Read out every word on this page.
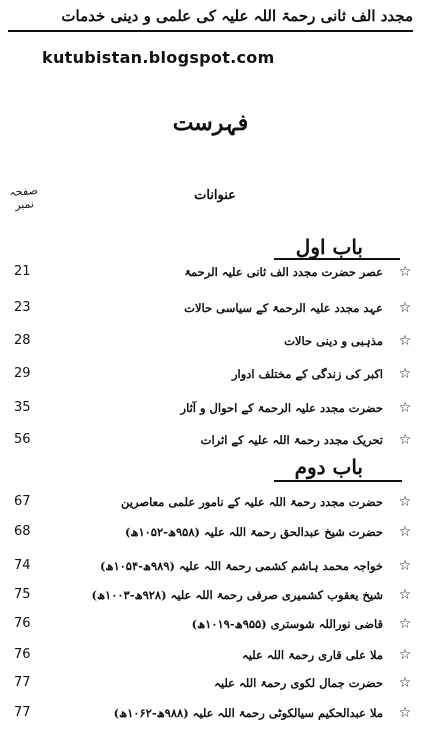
مجدد الف ثانی رحمۃ اللہ علیہ کی علمی و دینی خدمات
kutubistan.blogspot.com
فہرست
عنوانات
صفحہ نمبر
باب اول
☆
عصر حضرت مجدد الف ثانی علیہ الرحمۃ
21
☆
عہد مجدد علیہ الرحمۃ کے سیاسی حالات
23
☆
مذہبی و دینی حالات
28
☆
اکبر کی زندگی کے مختلف ادوار
29
☆
حضرت مجدد علیہ الرحمۃ کے احوال و آثار
35
☆
تحریک مجدد رحمۃ اللہ علیہ کے اثرات
56
باب دوم
☆
حضرت مجدد رحمۃ اللہ علیہ کے نامور علمی معاصرین
67
☆
حضرت شیخ عبدالحق رحمۃ اللہ علیہ (۹۵۸ھ-۱۰۵۲ھ)
68
☆
خواجہ محمد ہاشم کشمی رحمۃ اللہ علیہ (۹۸۹ھ-۱۰۵۴ھ)
74
☆
شیخ یعقوب کشمیری صرفی رحمۃ اللہ علیہ (۹۲۸ھ-۱۰۰۳ھ)
75
☆
قاضی نوراللہ شوستری (۹۵۵ھ-۱۰۱۹ھ)
76
☆
ملا علی قاری رحمۃ اللہ علیہ
76
☆
حضرت جمال لکوی رحمۃ اللہ علیہ
77
☆
ملا عبدالحکیم سیالکوٹی رحمۃ اللہ علیہ (۹۸۸ھ-۱۰۶۲ھ)
77
